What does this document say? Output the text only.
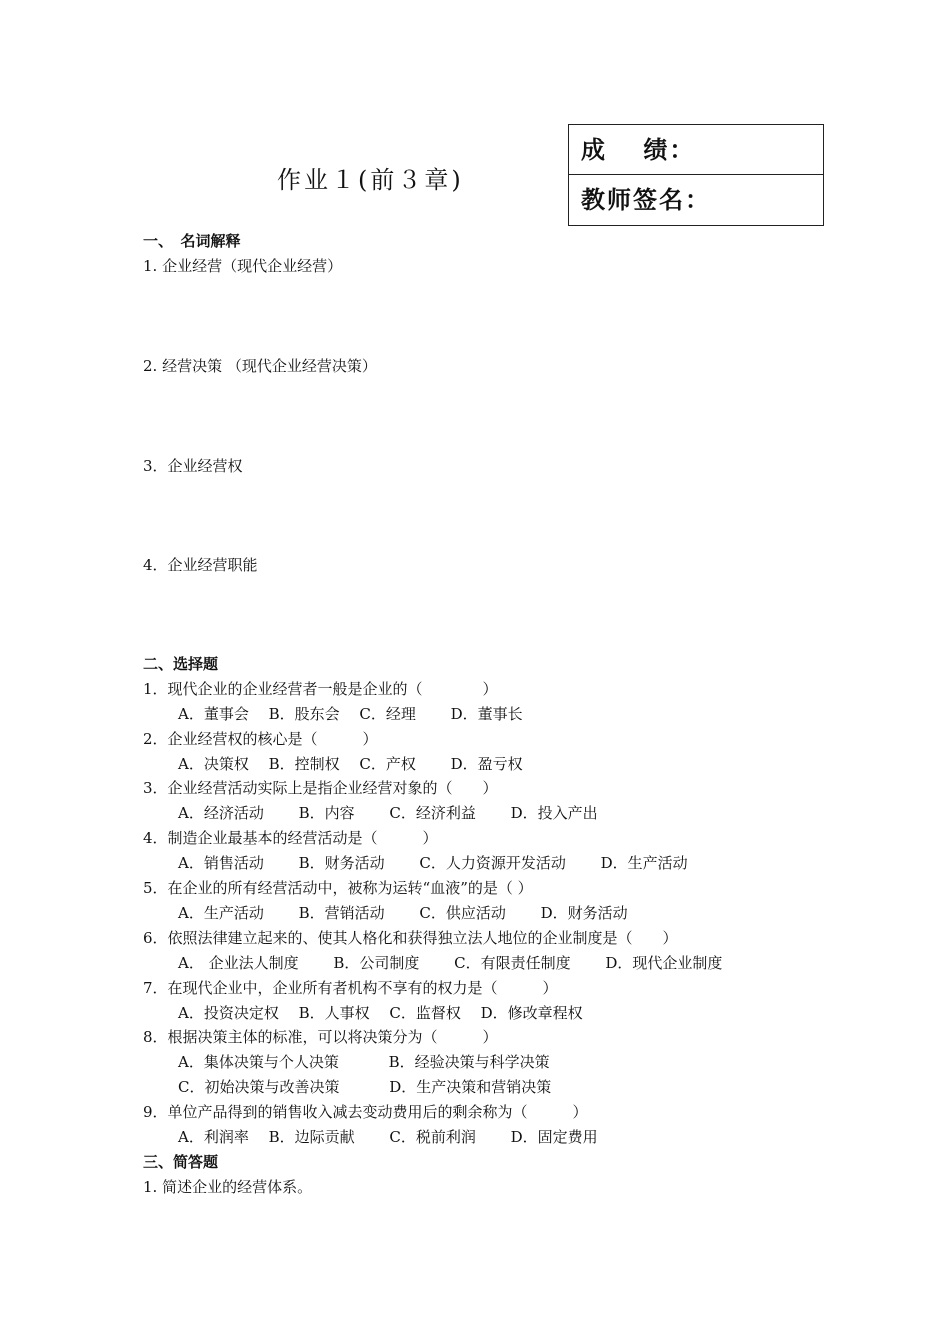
作业１(前３章)
成　 绩：
教师签名：
一、　名词解释
1. 企业经营（现代企业经营）
2. 经营决策 （现代企业经营决策）
3．企业经营权
4．企业经营职能
二、选择题
1．现代企业的企业经营者一般是企业的（　　　　）
A．董事会　 B．股东会　 C．经理　　 D．董事长
2．企业经营权的核心是（　　　）
A．决策权　 B．控制权　 C．产权　　 D．盈亏权
3．企业经营活动实际上是指企业经营对象的（　　）
A．经济活动　　 B．内容　　 C．经济利益　　 D．投入产出
4．制造企业最基本的经营活动是（　　　）
A．销售活动　　 B．财务活动　　 C．人力资源开发活动　　 D．生产活动
5．在企业的所有经营活动中，被称为运转“血液”的是（ ）
A．生产活动　　 B．营销活动　　 C．供应活动　　 D．财务活动
6．依照法律建立起来的、使其人格化和获得独立法人地位的企业制度是（　　）
A． 企业法人制度　　 B．公司制度　　 C．有限责任制度　　 D．现代企业制度
7．在现代企业中，企业所有者机构不享有的权力是（　　　）
A．投资决定权　 B．人事权　 C．监督权　 D．修改章程权
8．根据决策主体的标准，可以将决策分为（　　　）
A．集体决策与个人决策　　　 B．经验决策与科学决策
C．初始决策与改善决策　　　 D．生产决策和营销决策
9．单位产品得到的销售收入减去变动费用后的剩余称为（　　　）
A．利润率　 B．边际贡献　　 C．税前利润　　 D．固定费用
三、简答题
1. 简述企业的经营体系。
